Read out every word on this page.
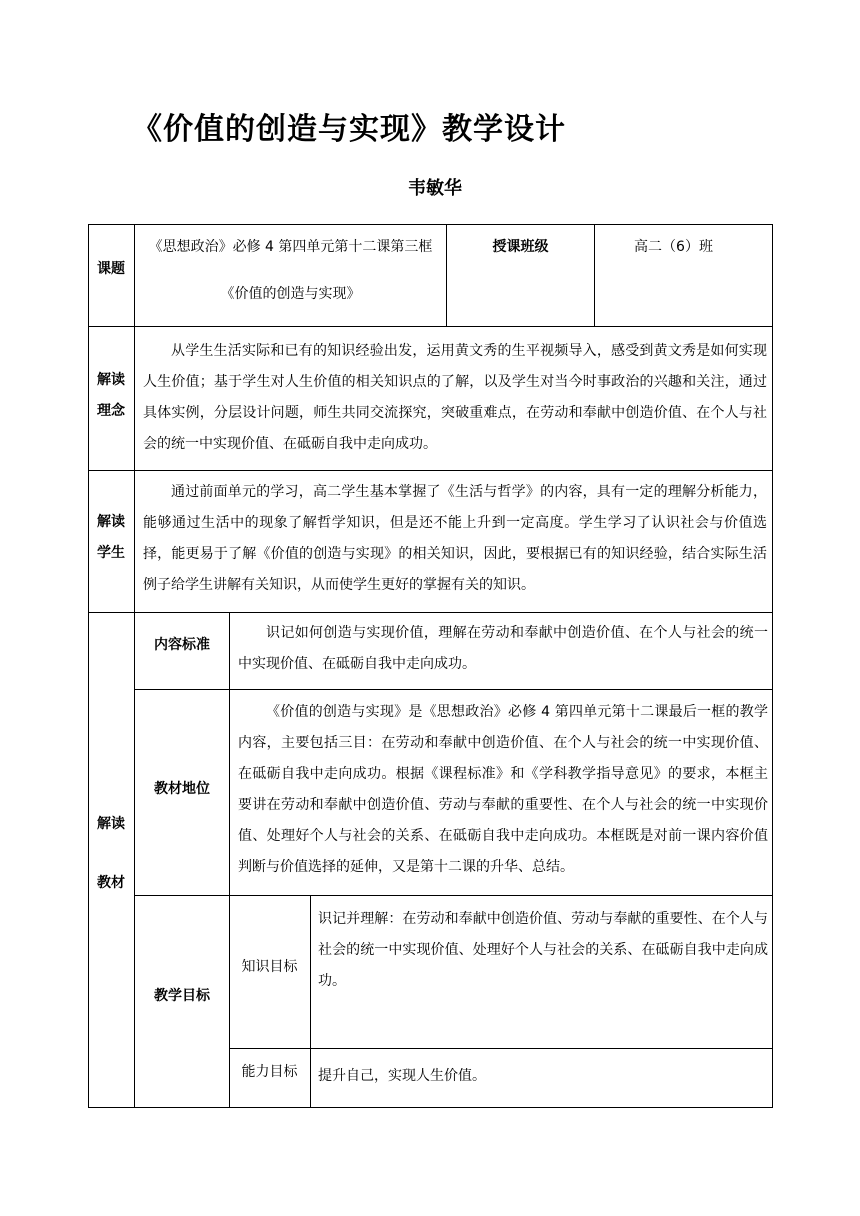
《价值的创造与实现》教学设计
韦敏华
课题
《思想政治》必修 4 第四单元第十二课第三框
《价值的创造与实现》
授课班级	高二（6）班
解读
理念
从学生生活实际和已有的知识经验出发，运用黄文秀的生平视频导入，感受到黄文秀是如何实现人生价值；基于学生对人生价值的相关知识点的了解，以及学生对当今时事政治的兴趣和关注，通过具体实例，分层设计问题，师生共同交流探究，突破重难点，在劳动和奉献中创造价值、在个人与社会的统一中实现价值、在砥砺自我中走向成功。
解读
学生
通过前面单元的学习，高二学生基本掌握了《生活与哲学》的内容，具有一定的理解分析能力，能够通过生活中的现象了解哲学知识，但是还不能上升到一定高度。学生学习了认识社会与价值选择，能更易于了解《价值的创造与实现》的相关知识，因此，要根据已有的知识经验，结合实际生活例子给学生讲解有关知识，从而使学生更好的掌握有关的知识。
解读
教材
内容标准
识记如何创造与实现价值，理解在劳动和奉献中创造价值、在个人与社会的统一中实现价值、在砥砺自我中走向成功。
教材地位
《价值的创造与实现》是《思想政治》必修 4 第四单元第十二课最后一框的教学内容，主要包括三目：在劳动和奉献中创造价值、在个人与社会的统一中实现价值、在砥砺自我中走向成功。根据《课程标准》和《学科教学指导意见》的要求，本框主要讲在劳动和奉献中创造价值、劳动与奉献的重要性、在个人与社会的统一中实现价值、处理好个人与社会的关系、在砥砺自我中走向成功。本框既是对前一课内容价值判断与价值选择的延伸，又是第十二课的升华、总结。
教学目标
知识目标
识记并理解：在劳动和奉献中创造价值、劳动与奉献的重要性、在个人与社会的统一中实现价值、处理好个人与社会的关系、在砥砺自我中走向成功。
能力目标	提升自己，实现人生价值。
